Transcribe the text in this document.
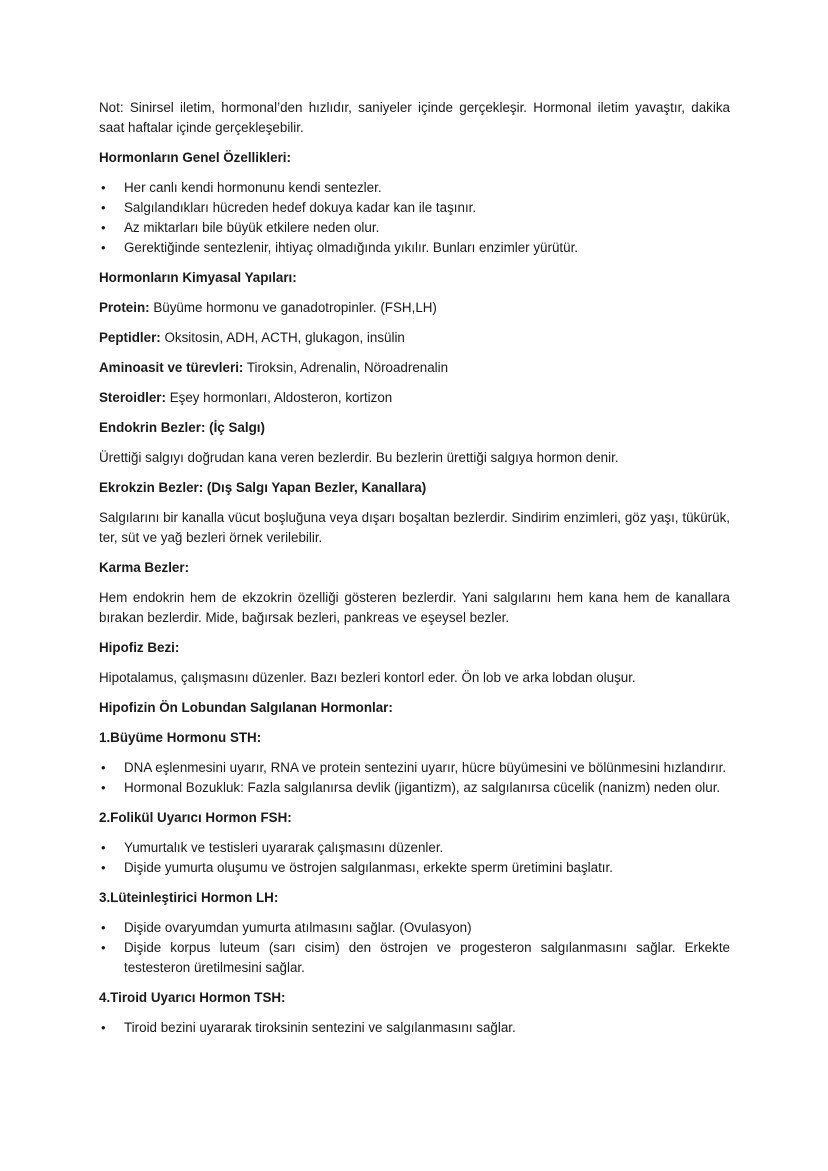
Not: Sinirsel iletim, hormonal’den hızlıdır, saniyeler içinde gerçekleşir. Hormonal iletim yavaştır, dakika saat haftalar içinde gerçekleşebilir.

Hormonların Genel Özellikleri:

• Her canlı kendi hormonunu kendi sentezler.
• Salgılandıkları hücreden hedef dokuya kadar kan ile taşınır.
• Az miktarları bile büyük etkilere neden olur.
• Gerektiğinde sentezlenir, ihtiyaç olmadığında yıkılır. Bunları enzimler yürütür.

Hormonların Kimyasal Yapıları:

Protein: Büyüme hormonu ve ganadotropinler. (FSH,LH)

Peptidler: Oksitosin, ADH, ACTH, glukagon, insülin

Aminoasit ve türevleri: Tiroksin, Adrenalin, Nöroadrenalin

Steroidler: Eşey hormonları, Aldosteron, kortizon

Endokrin Bezler: (İç Salgı)

Ürettiği salgıyı doğrudan kana veren bezlerdir. Bu bezlerin ürettiği salgıya hormon denir.

Ekrokzin Bezler: (Dış Salgı Yapan Bezler, Kanallara)

Salgılarını bir kanalla vücut boşluğuna veya dışarı boşaltan bezlerdir. Sindirim enzimleri, göz yaşı, tükürük, ter, süt ve yağ bezleri örnek verilebilir.

Karma Bezler:

Hem endokrin hem de ekzokrin özelliği gösteren bezlerdir. Yani salgılarını hem kana hem de kanallara bırakan bezlerdir. Mide, bağırsak bezleri, pankreas ve eşeysel bezler.

Hipofiz Bezi:

Hipotalamus, çalışmasını düzenler. Bazı bezleri kontorl eder. Ön lob ve arka lobdan oluşur.

Hipofizin Ön Lobundan Salgılanan Hormonlar:

1.Büyüme Hormonu STH:

• DNA eşlenmesini uyarır, RNA ve protein sentezini uyarır, hücre büyümesini ve bölünmesini hızlandırır.
• Hormonal Bozukluk: Fazla salgılanırsa devlik (jigantizm), az salgılanırsa cücelik (nanizm) neden olur.

2.Folikül Uyarıcı Hormon FSH:

• Yumurtalık ve testisleri uyararak çalışmasını düzenler.
• Dişide yumurta oluşumu ve östrojen salgılanması, erkekte sperm üretimini başlatır.

3.Lüteinleştirici Hormon LH:

• Dişide ovaryumdan yumurta atılmasını sağlar. (Ovulasyon)
• Dişide korpus luteum (sarı cisim) den östrojen ve progesteron salgılanmasını sağlar. Erkekte testesteron üretilmesini sağlar.

4.Tiroid Uyarıcı Hormon TSH:

• Tiroid bezini uyararak tiroksinin sentezini ve salgılanmasını sağlar.
